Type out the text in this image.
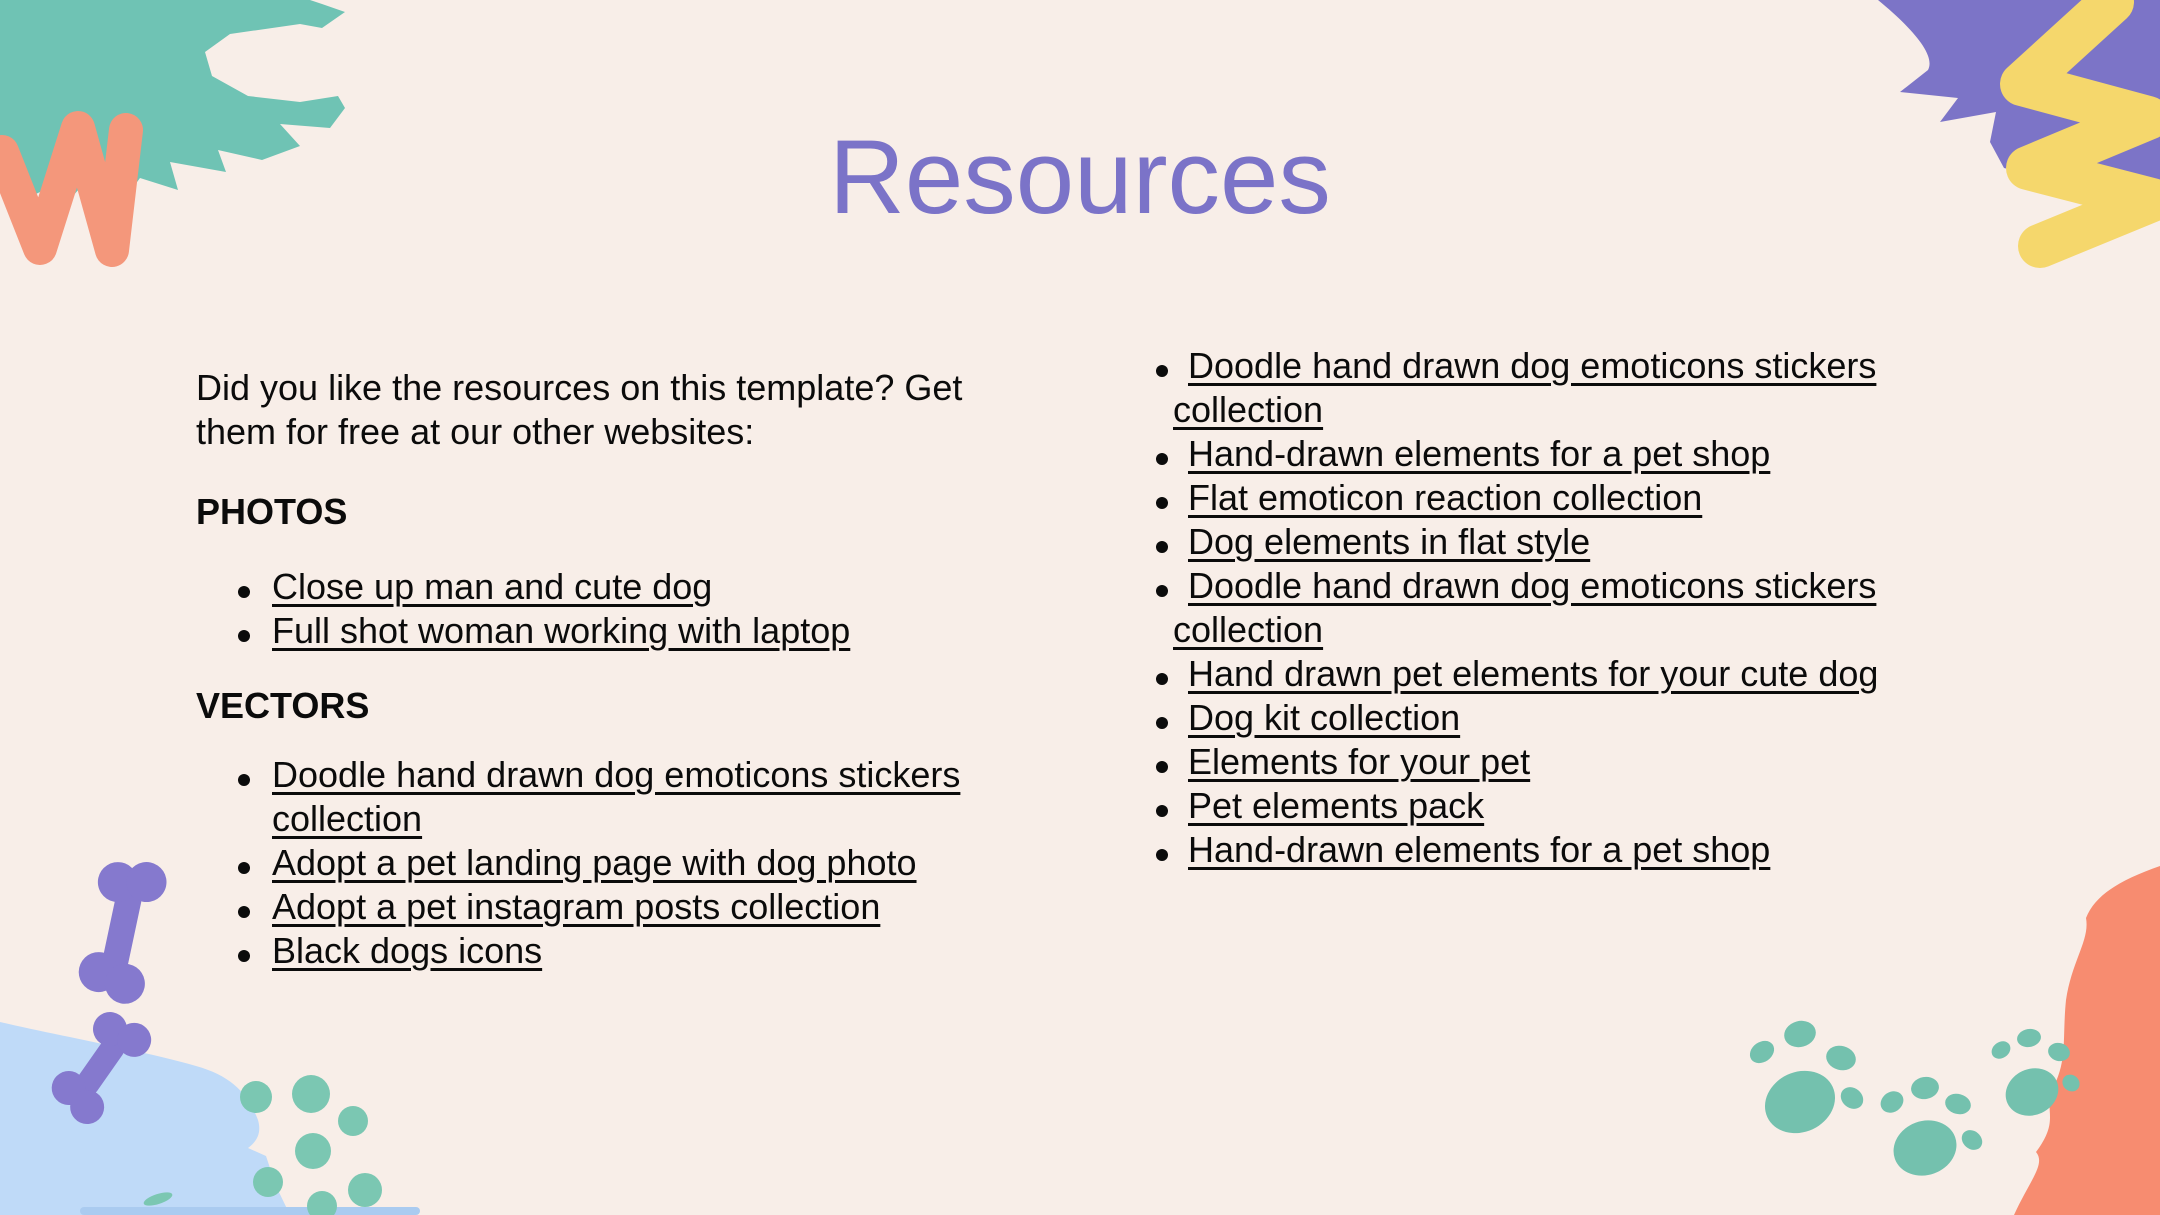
Resources

Did you like the resources on this template? Get
them for free at our other websites:

PHOTOS
Close up man and cute dog
Full shot woman working with laptop
VECTORS
Doodle hand drawn dog emoticons stickers collection
Adopt a pet landing page with dog photo
Adopt a pet instagram posts collection
Black dogs icons
Doodle hand drawn dog emoticons stickers collection
Hand-drawn elements for a pet shop
Flat emoticon reaction collection
Dog elements in flat style
Doodle hand drawn dog emoticons stickers collection
Hand drawn pet elements for your cute dog
Dog kit collection
Elements for your pet
Pet elements pack
Hand-drawn elements for a pet shop
